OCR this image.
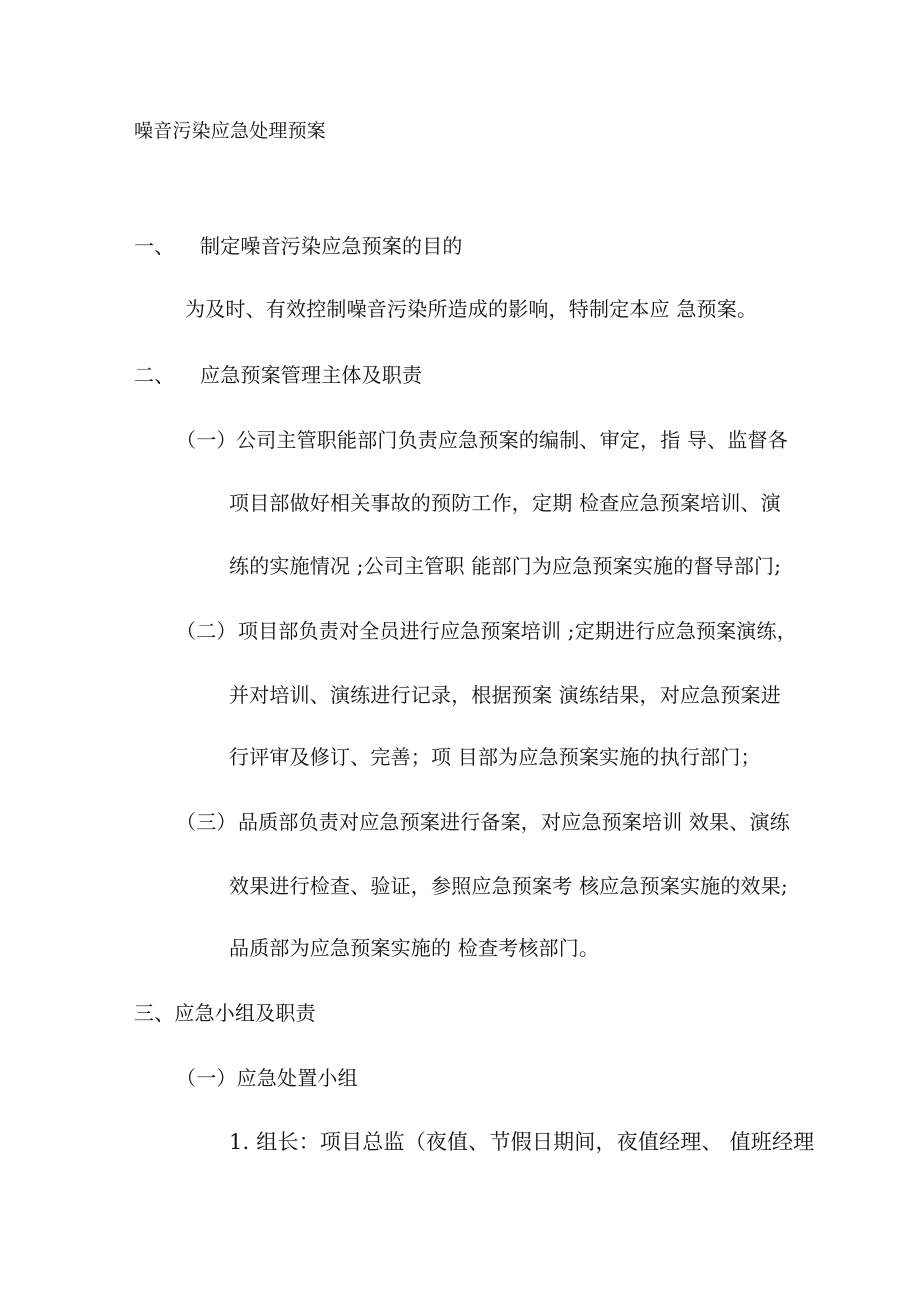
噪音污染应急处理预案
一、 制定噪音污染应急预案的目的
为及时、有效控制噪音污染所造成的影响，特制定本应 急预案。
二、 应急预案管理主体及职责
（一） 公司主管职能部门负责应急预案的编制、审定，指 导、监督各
项目部做好相关事故的预防工作，定期 检查应急预案培训、演
练的实施情况 ;公司主管职 能部门为应急预案实施的督导部门;
（二） 项目部负责对全员进行应急预案培训 ;定期进行应急预案演练，
并对培训、演练进行记录，根据预案 演练结果，对应急预案进
行评审及修订、完善；项 目部为应急预案实施的执行部门；
（三） 品质部负责对应急预案进行备案，对应急预案培训 效果、演练
效果进行检查、验证，参照应急预案考 核应急预案实施的效果;
品质部为应急预案实施的 检查考核部门。
三、应急小组及职责
（一）应急处置小组
1. 组长：项目总监（夜值、节假日期间，夜值经理、 值班经理
